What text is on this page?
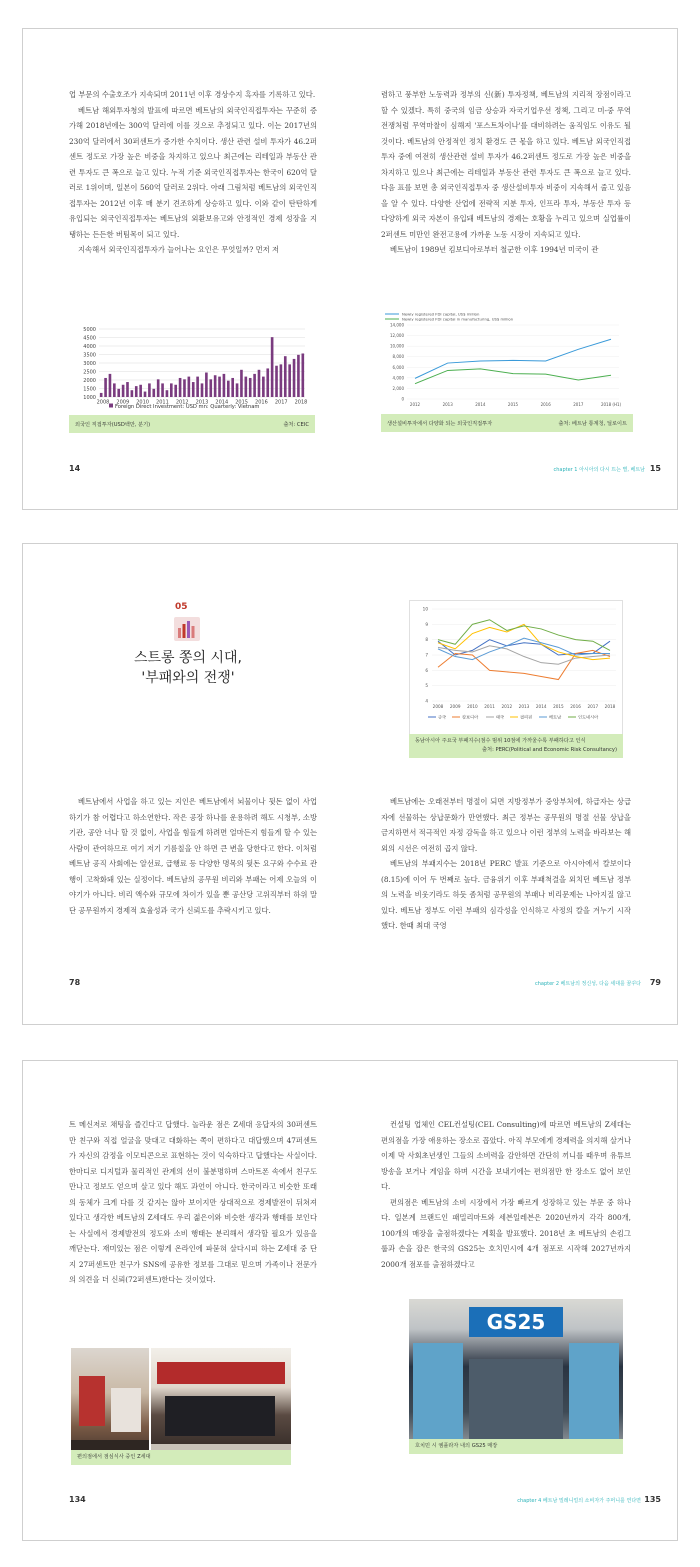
업 부문의 수출호조가 지속되며 2011년 이후 경상수지 흑자를 기록하고 있다.

베트남 해외투자청의 발표에 따르면 베트남의 외국인직접투자는 꾸준히 증가해 2018년에는 300억 달러에 이를 것으로 추정되고 있다. 이는 2017년의 230억 달러에서 30퍼센트가 증가한 수치이다. 생산 관련 설비 투자가 46.2퍼센트 정도로 가장 높은 비중을 차지하고 있으나 최근에는 리테일과 부동산 관련 투자도 큰 폭으로 늘고 있다. 누적 기준 외국인직접투자는 한국이 620억 달러로 1위이며, 일본이 560억 달러로 2위다. 아래 그림처럼 베트남의 외국인직접투자는 2012년 이후 매 분기 견조하게 상승하고 있다. 이와 같이 탄탄하게 유입되는 외국인직접투자는 베트남의 외환보유고와 안정적인 경제 성장을 지탱하는 든든한 버팀목이 되고 있다.

지속해서 외국인직접투자가 늘어나는 요인은 무엇일까? 먼저 저

Foreign Direct Investment: USD mn: Quarterly: Vietnam
5000
4500
4000
3500
3000
2500
2000
1500
1000
2008 2009 2010 2011 2012 2013 2014 2015 2016 2017 2018
외국인 직접투자(USD백만, 분기)	출처: CEIC
14

렴하고 풍부한 노동력과 정부의 신(新) 투자정책, 베트남의 지리적 장점이라고 할 수 있겠다. 특히 중국의 임금 상승과 자국기업우선 정책, 그리고 미-중 무역전쟁처럼 무역마찰이 심해져 '포스트차이나'를 대비하려는 움직임도 이유도 될 것이다. 베트남의 안정적인 정치 환경도 큰 몫을 하고 있다. 베트남 외국인직접투자 중에 여전히 생산관련 설비 투자가 46.2퍼센트 정도로 가장 높은 비중을 차지하고 있으나 최근에는 리테일과 부동산 관련 투자도 큰 폭으로 늘고 있다. 다음 표를 보면 총 외국인직접투자 중 생산설비투자 비중이 지속해서 줄고 있음을 알 수 있다. 다양한 산업에 전략적 지분 투자, 인프라 투자, 부동산 투자 등 다양하게 외국 자본이 유입돼 베트남의 경제는 호황을 누리고 있으며 실업률이 2퍼센트 미만인 완전고용에 가까운 노동 시장이 지속되고 있다.

베트남이 1989년 킴보디아로부터 철군한 이후 1994년 미국이 관

Newly registered FDI capital, US$ million
Newly registered FDI capital in manufacturing, US$ million
14,000
12,000
10,000
8,000
6,000
4,000
2,000
0
2012	2013	2014	2015	2016	2017	2018 (H1)
생산설비투자에서 다양화 되는 외국인직접투자	출처: 베트남 통계청, 딜로이트
chapter 1 아시아의 다시 뜨는 별, 베트남 15
05
스트롱 쫑의 시대,
'부패와의 전쟁'

베트남에서 사업을 하고 있는 지인은 베트남에서 뇌물이나 뒷돈 없이 사업하기가 참 어렵다고 하소연한다. 작은 공장 하나를 운용하려 해도 시청부, 소방기관, 공안 너나 할 것 없이, 사업을 힘들게 하려면 얼마든지 힘들게 할 수 있는 사람이 관여하므로 여기 저기 기름칠을 안 하면 큰 변을 당한다고 한다. 이처럼 베트남 공직 사회에는 알선료, 급행료 등 다양한 명목의 뒷돈 요구와 수수료 관행이 고착화돼 있는 실정이다. 베트남의 공무원 비리와 부패는 어제 오늘의 이야기가 아니다. 비리 액수와 규모에 차이가 있을 뿐 공산당 고위직부터 하위 말단 공무원까지 경제적 효율성과 국가 신뢰도를 추락시키고 있다.

78
10
9
8
7
6
5
4
2008 2009 2010 2011 2012 2013 2014 2015 2016 2017 2018
중국	캄보디아	태국	필리핀	베트남	인도네시아
동남아시아 주요국 부패지수(점수 범위 10점에 가까울수록 부패하다고 인식
출처: PERC(Political and Economic Risk Consultancy)

베트남에는 오래전부터 명절이 되면 지방정부가 중앙부처에, 하급자는 상급자에 선물하는 상납문화가 만연했다. 최근 정부는 공무원의 명절 선물 상납을 금지하면서 적극적인 자정 감독을 하고 있으나 이런 정부의 노력을 바라보는 해외의 시선은 여전히 곱지 않다.

베트남의 부패지수는 2018년 PERC 발표 기준으로 아시아에서 칼보이다(8.15)에 이어 두 번째로 높다. 금융위기 이후 부패척결을 외치던 베트남 정부의 노력을 비웃기라도 하듯 좀처럼 공무원의 부패나 비리문제는 나아지질 않고 있다. 베트남 정부도 이런 부패의 심각성을 인식하고 사정의 칼을 겨누기 시작했다. 한때 최대 국영

chapter 2 베트남의 정신성, 다음 세대를 꿈꾸다 79

트 메신저로 채팅을 즐긴다고 답했다. 놀라운 점은 Z세대 응답자의 30퍼센트만 친구와 직접 얼굴을 맞대고 대화하는 쪽이 편하다고 대답했으며 47퍼센트가 자신의 감정을 이모티콘으로 표현하는 것이 익숙하다고 답했다는 사실이다. 한마디로 디지털과 물리적인 관계의 선이 불분명하며 스마트폰 속에서 친구도 만나고 정보도 얻으며 살고 있다 해도 과언이 아니다. 한국이라고 비슷한 또래의 동체가 크게 다를 것 같지는 않아 보이지만 상대적으로 경제발전이 뒤쳐져 있다고 생각한 베트남의 Z세대도 우리 젊은이와 비슷한 생각과 행태를 보인다는 사실에서 경제발전의 정도와 소비 행태는 분리해서 생각할 필요가 있음을 깨닫는다. 재미있는 점은 이렇게 온라인에 파묻혀 살다시피 하는 Z세대 중 단지 27퍼센트만 친구가 SNS에 공유한 정보를 그대로 믿으며 가족이나 전문가의 의견을 더 신뢰(72퍼센트)한다는 것이었다.

편의점에서 점심식사 중인 Z세대
134

컨설팅 업체인 CEL컨설팅(CEL Consulting)에 따르면 베트남의 Z세대는 편의점을 가장 애용하는 장소로 꼽았다. 아직 부모에게 경제력을 의지해 살거나 이제 막 사회초년생인 그들의 소비력을 감안하면 간단히 끼니를 때우며 유튜브 방송을 보거나 게임을 하며 시간을 보내기에는 편의점만 한 장소도 없어 보인다.

편의점은 베트남의 소비 시장에서 가장 빠르게 성장하고 있는 부문 중 하나다. 일본계 브랜드인 패밀리마트와 세븐일레븐은 2020년까지 각각 800개, 100개의 매장을 출점하겠다는 계획을 발표했다. 2018년 초 베트남의 손킴그룹과 손을 잡은 한국의 GS25는 호치민시에 4개 점포로 시작해 2027년까지 2000개 점포를 출점하겠다고

GS25
호치민 시 엠플라자 내의 GS25 매장
chapter 4 베트남 밀레니얼의 소비자가 주머니를 연다면 135
